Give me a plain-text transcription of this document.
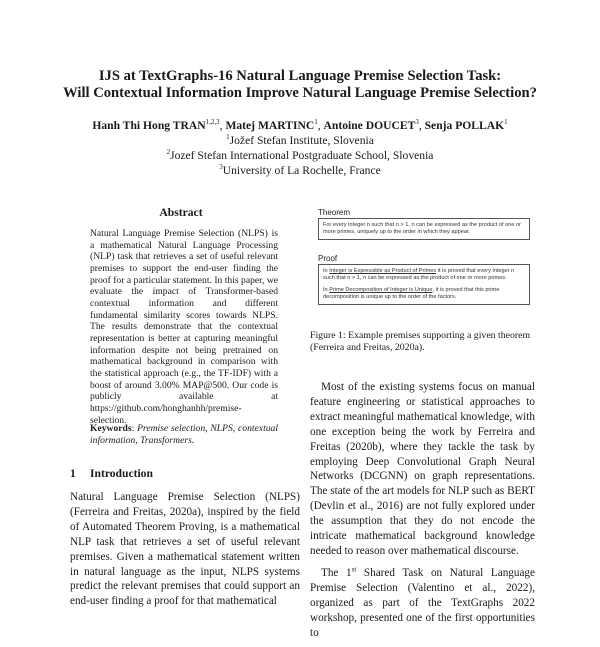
IJS at TextGraphs-16 Natural Language Premise Selection Task:
Will Contextual Information Improve Natural Language Premise Selection?
Hanh Thi Hong TRAN$^{1,2,3}$, Matej MARTINC$^1$, Antoine DOUCET$^3$, Senja POLLAK$^1$
$^1$Jožef Stefan Institute, Slovenia
$^2$Jozef Stefan International Postgraduate School, Slovenia
$^3$University of La Rochelle, France
Abstract
Natural Language Premise Selection (NLPS) is a mathematical Natural Language Processing (NLP) task that retrieves a set of useful relevant premises to support the end-user finding the proof for a particular statement. In this paper, we evaluate the impact of Transformer-based contextual information and different fundamental similarity scores towards NLPS. The results demonstrate that the contextual representation is better at capturing meaningful information despite not being pretrained on mathematical background in comparison with the statistical approach (e.g., the TF-IDF) with a boost of around 3.00% MAP@500. Our code is publicly available at https://github.com/honghanhh/premise-selection.
Keywords: Premise selection, NLPS, contextual information, Transformers.
1 Introduction
Natural Language Premise Selection (NLPS) (Ferreira and Freitas, 2020a), inspired by the field of Automated Theorem Proving, is a mathematical NLP task that retrieves a set of useful relevant premises. Given a mathematical statement written in natural language as the input, NLPS systems predict the relevant premises that could support an end-user finding a proof for that mathematical
Theorem
For every integer n such that n > 1, n can be expressed as the product of one or more primes, uniquely up to the order in which they appear.
Proof

In Integer is Expressible as Product of Primes it is proved that every integer n such that n > 1, n can be expressed as the product of one or more primes.

In Prime Decomposition of Integer is Unique, it is proved that this prime decomposition is unique up to the order of the factors.

Figure 1: Example premises supporting a given theorem (Ferreira and Freitas, 2020a).

Most of the existing systems focus on manual feature engineering or statistical approaches to extract meaningful mathematical knowledge, with one exception being the work by Ferreira and Freitas (2020b), where they tackle the task by employing Deep Convolutional Graph Neural Networks (DCGNN) on graph representations. The state of the art models for NLP such as BERT (Devlin et al., 2016) are not fully explored under the assumption that they do not encode the intricate mathematical background knowledge needed to reason over mathematical discourse.

The 1st Shared Task on Natural Language Premise Selection (Valentino et al., 2022), organized as part of the TextGraphs 2022 workshop, presented one of the first opportunities to
